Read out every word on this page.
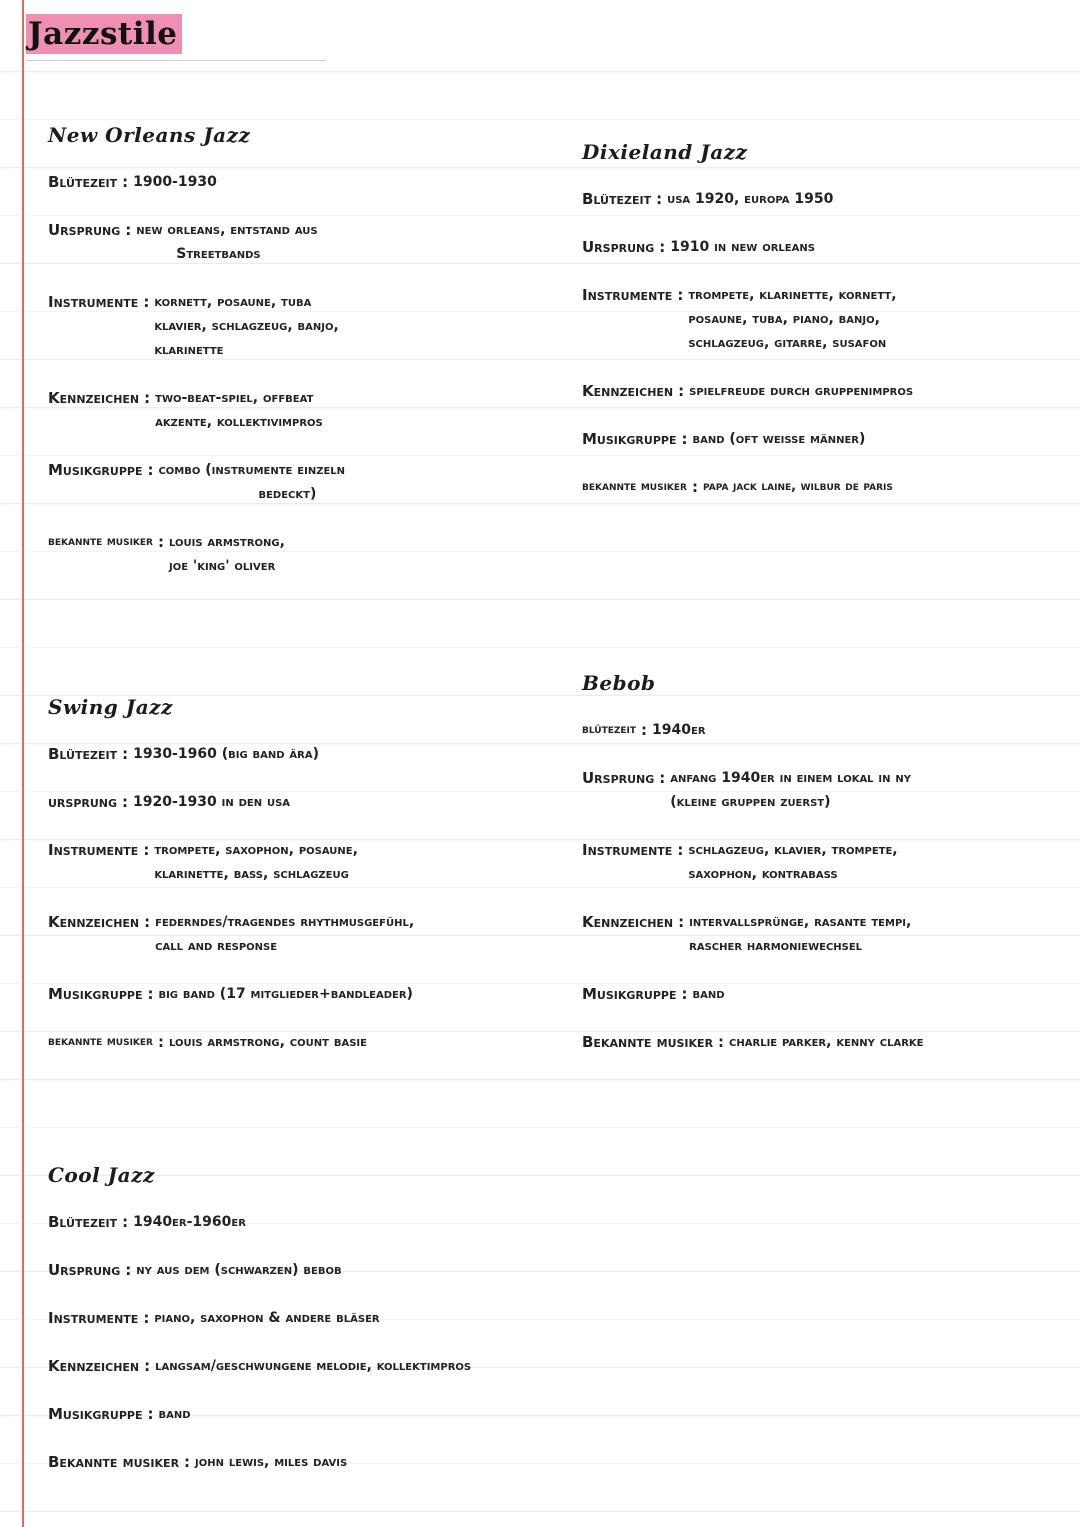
Jazzstile
New Orleans Jazz
Blütezeit : 1900-1930
Ursprung : new orleans, entstand aus
Streetbands
Instrumente : kornett, posaune, tuba
klavier, schlagzeug, banjo,
klarinette
Kennzeichen : two-beat-spiel, offbeat
akzente, kollektivimpros
Musikgruppe : combo (instrumente einzeln
bedeckt)
bekannte musiker : louis armstrong,
joe 'king' oliver
Dixieland Jazz
Blütezeit : usa 1920, europa 1950
Ursprung : 1910 in new orleans
Instrumente : trompete, klarinette, kornett,
posaune, tuba, piano, banjo,
schlagzeug, gitarre, susafon
Kennzeichen : spielfreude durch gruppenimpros
Musikgruppe : band (oft weisse männer)
bekannte musiker : papa jack laine, wilbur de paris
Swing Jazz
Blütezeit : 1930-1960 (big band ära)
ursprung : 1920-1930 in den usa
Instrumente : trompete, saxophon, posaune,
klarinette, bass, schlagzeug
Kennzeichen : federndes/tragendes rhythmusgefühl,
call and response
Musikgruppe : big band (17 mitglieder+bandleader)
bekannte musiker : louis armstrong, count basie
Bebob
blütezeit : 1940er
Ursprung : anfang 1940er in einem lokal in ny
(kleine gruppen zuerst)
Instrumente : schlagzeug, klavier, trompete,
saxophon, kontrabass
Kennzeichen : intervallsprünge, rasante tempi,
rascher harmoniewechsel
Musikgruppe : band
Bekannte musiker : charlie parker, kenny clarke
Cool Jazz
Blütezeit : 1940er-1960er
Ursprung : ny aus dem (schwarzen) bebob
Instrumente : piano, saxophon & andere bläser
Kennzeichen : langsam/geschwungene melodie, kollektimpros
Musikgruppe : band
Bekannte musiker : john lewis, miles davis
